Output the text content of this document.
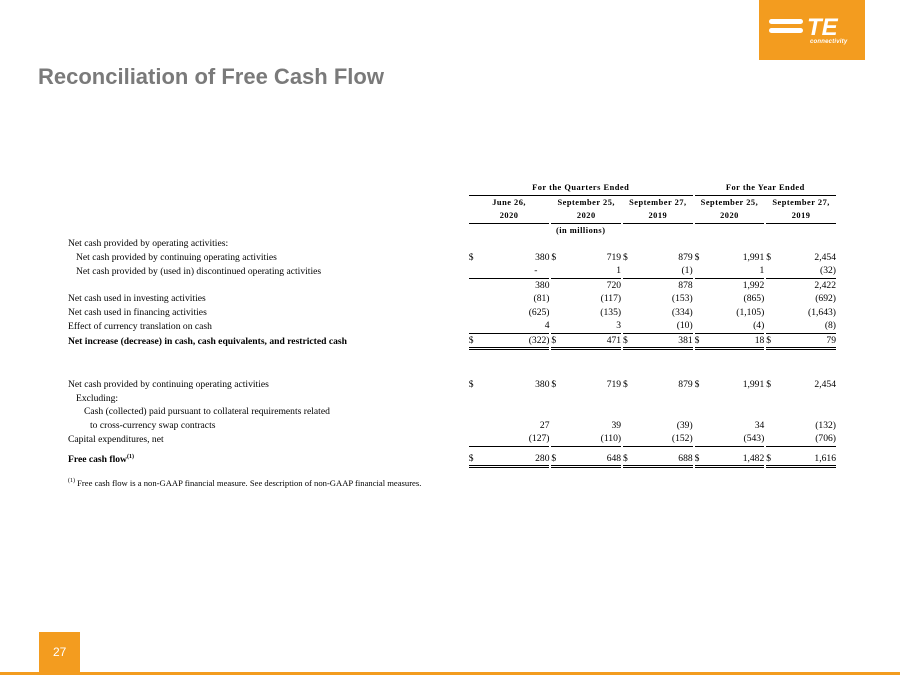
TE
connectivity
Reconciliation of Free Cash Flow
	For the Quarters Ended									For the Year Ended				
	June 26,			September 25,			September 27,			September 25,			September 27,	
	2020			2020			2019			2020			2019	
	(in millions)													
Net cash provided by operating activities:														
Net cash provided by continuing operating activities	$	380		$	719		$	879		$	1,991		$	2,454
Net cash provided by (used in) discontinued operating activities		-			1			(1)			1			(32)
		380			720			878			1,992			2,422
Net cash used in investing activities		(81)			(117)			(153)			(865)			(692)
Net cash used in financing activities		(625)			(135)			(334)			(1,105)			(1,643)
Effect of currency translation on cash		4			3			(10)			(4)			(8)
Net increase (decrease) in cash, cash equivalents, and restricted cash	$	(322)		$	471		$	381		$	18		$	79

Net cash provided by continuing operating activities	$	380		$	719		$	879		$	1,991		$	2,454
Excluding:														
Cash (collected) paid pursuant to collateral requirements related														
to cross-currency swap contracts		27			39			(39)			34			(132)
Capital expenditures, net		(127)			(110)			(152)			(543)			(706)
Free cash flow$^{(1)}$	$	280		$	648		$	688		$	1,482		$	1,616
$^{(1)}$ Free cash flow is a non-GAAP financial measure. See description of non-GAAP financial measures.
27
